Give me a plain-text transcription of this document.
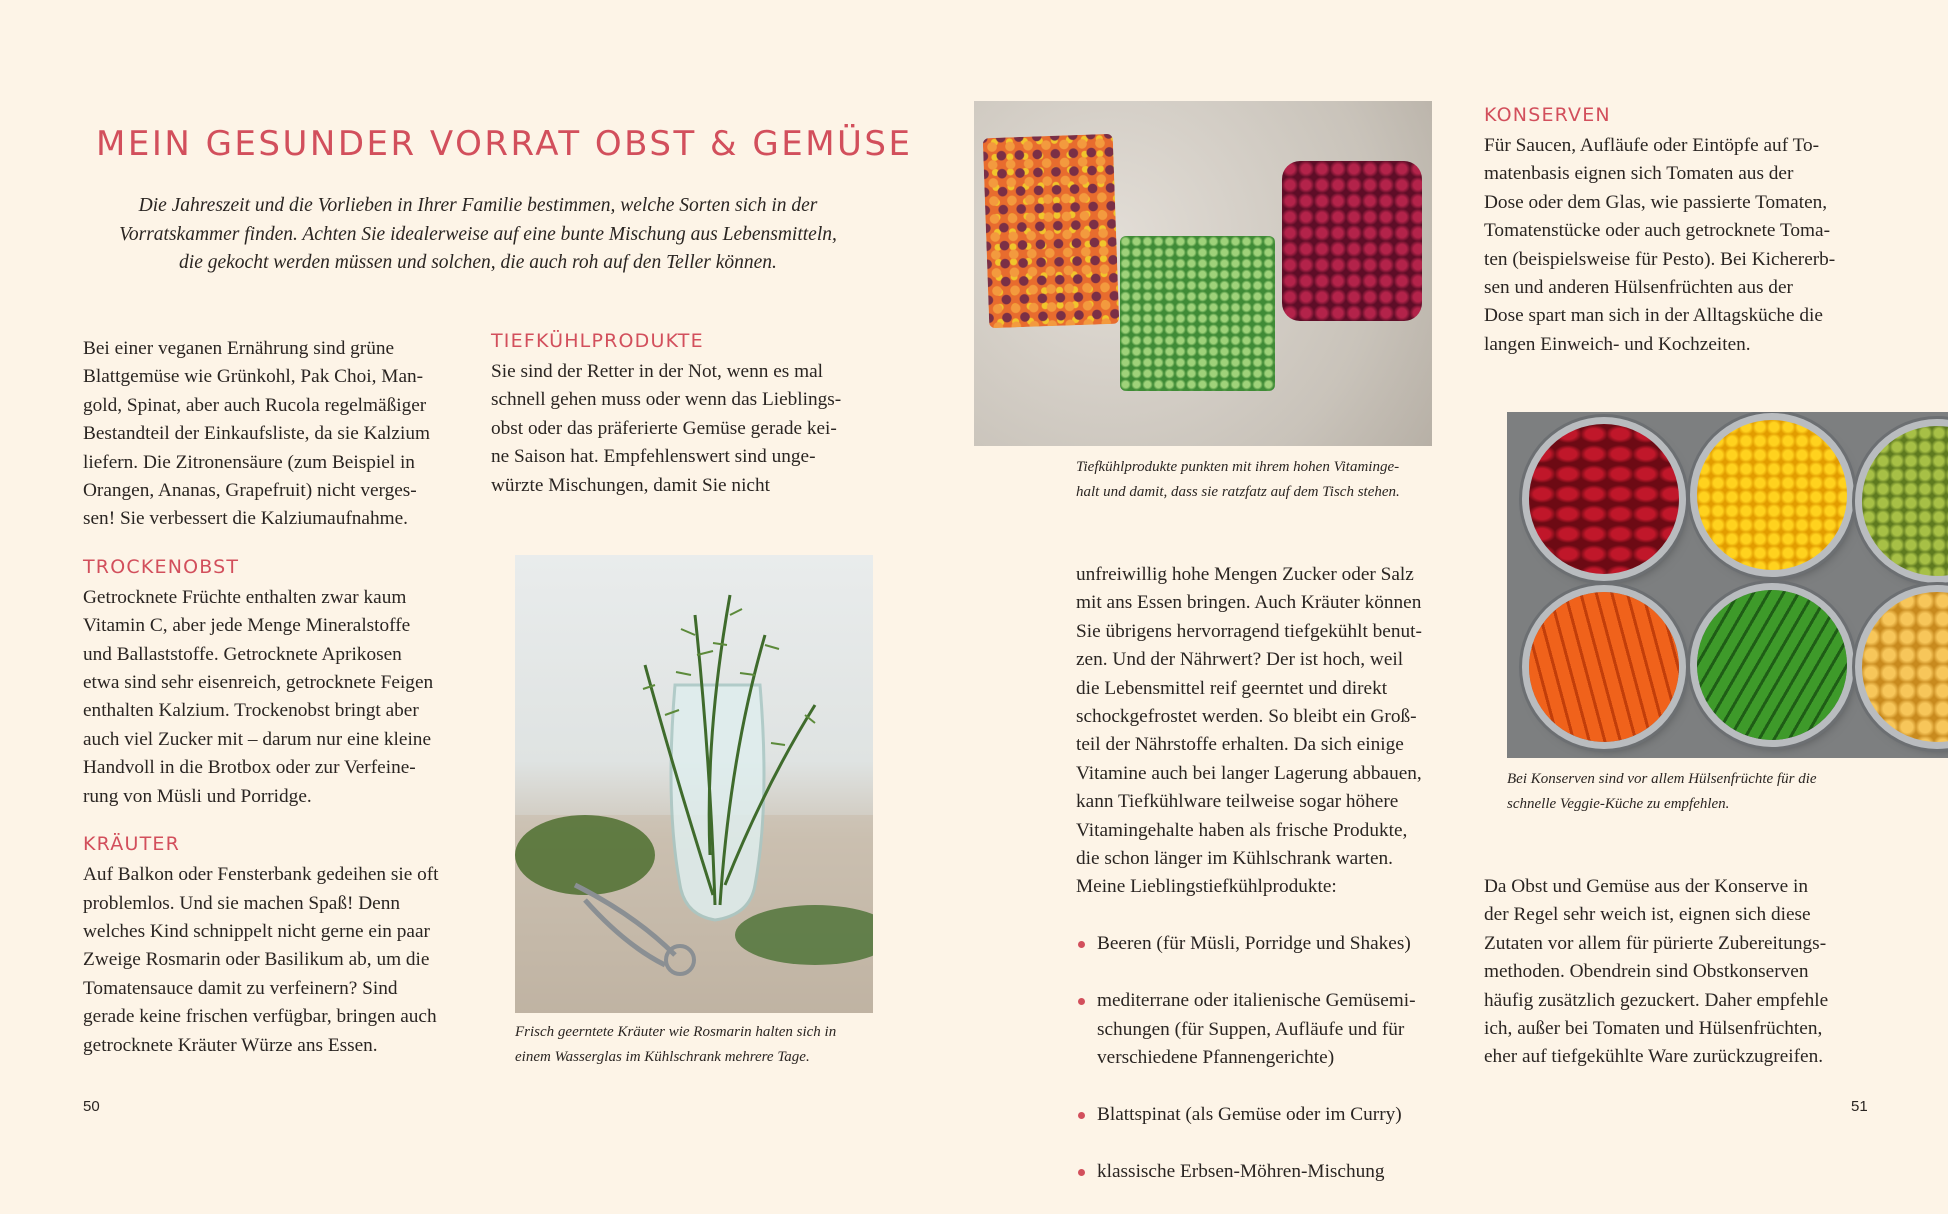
MEIN GESUNDER VORRAT OBST & GEMÜSE
Die Jahreszeit und die Vorlieben in Ihrer Familie bestimmen, welche Sorten sich in der
Vorratskammer finden. Achten Sie idealerweise auf eine bunte Mischung aus Lebensmitteln,
die gekocht werden müssen und solchen, die auch roh auf den Teller können.
Bei einer veganen Ernährung sind grüne
Blattgemüse wie Grünkohl, Pak Choi, Man-
gold, Spinat, aber auch Rucola regelmäßiger
Bestandteil der Einkaufsliste, da sie Kalzium
liefern. Die Zitronensäure (zum Beispiel in
Orangen, Ananas, Grapefruit) nicht verges-
sen! Sie verbessert die Kalziumaufnahme.
TROCKENOBST
Getrocknete Früchte enthalten zwar kaum
Vitamin C, aber jede Menge Mineralstoffe
und Ballaststoffe. Getrocknete Aprikosen
etwa sind sehr eisenreich, getrocknete Feigen
enthalten Kalzium. Trockenobst bringt aber
auch viel Zucker mit – darum nur eine kleine
Handvoll in die Brotbox oder zur Verfeine-
rung von Müsli und Porridge.
KRÄUTER
Auf Balkon oder Fensterbank gedeihen sie oft
problemlos. Und sie machen Spaß! Denn
welches Kind schnippelt nicht gerne ein paar
Zweige Rosmarin oder Basilikum ab, um die
Tomatensauce damit zu verfeinern? Sind
gerade keine frischen verfügbar, bringen auch
getrocknete Kräuter Würze ans Essen.
TIEFKÜHLPRODUKTE
Sie sind der Retter in der Not, wenn es mal
schnell gehen muss oder wenn das Lieblings-
obst oder das präferierte Gemüse gerade kei-
ne Saison hat. Empfehlenswert sind unge-
würzte Mischungen, damit Sie nicht
Frisch geerntete Kräuter wie Rosmarin halten sich in
einem Wasserglas im Kühlschrank mehrere Tage.
50
Tiefkühlprodukte punkten mit ihrem hohen Vitaminge-
halt und damit, dass sie ratzfatz auf dem Tisch stehen.
unfreiwillig hohe Mengen Zucker oder Salz
mit ans Essen bringen. Auch Kräuter können
Sie übrigens hervorragend tiefgekühlt benut-
zen. Und der Nährwert? Der ist hoch, weil
die Lebensmittel reif geerntet und direkt
schockgefrostet werden. So bleibt ein Groß-
teil der Nährstoffe erhalten. Da sich einige
Vitamine auch bei langer Lagerung abbauen,
kann Tiefkühlware teilweise sogar höhere
Vitamingehalte haben als frische Produkte,
die schon länger im Kühlschrank warten.
Meine Lieblingstiefkühlprodukte:

Beeren (für Müsli, Porridge und Shakes)

mediterrane oder italienische Gemüsemi-
schungen (für Suppen, Aufläufe und für
verschiedene Pfannengerichte)

Blattspinat (als Gemüse oder im Curry)

klassische Erbsen-Möhren-Mischung

KONSERVEN
Für Saucen, Aufläufe oder Eintöpfe auf To-
matenbasis eignen sich Tomaten aus der
Dose oder dem Glas, wie passierte Tomaten,
Tomatenstücke oder auch getrocknete Toma-
ten (beispielsweise für Pesto). Bei Kichererb-
sen und anderen Hülsenfrüchten aus der
Dose spart man sich in der Alltagsküche die
langen Einweich- und Kochzeiten.
Bei Konserven sind vor allem Hülsenfrüchte für die
schnelle Veggie-Küche zu empfehlen.
Da Obst und Gemüse aus der Konserve in
der Regel sehr weich ist, eignen sich diese
Zutaten vor allem für pürierte Zubereitungs-
methoden. Obendrein sind Obstkonserven
häufig zusätzlich gezuckert. Daher empfehle
ich, außer bei Tomaten und Hülsenfrüchten,
eher auf tiefgekühlte Ware zurückzugreifen.
51
